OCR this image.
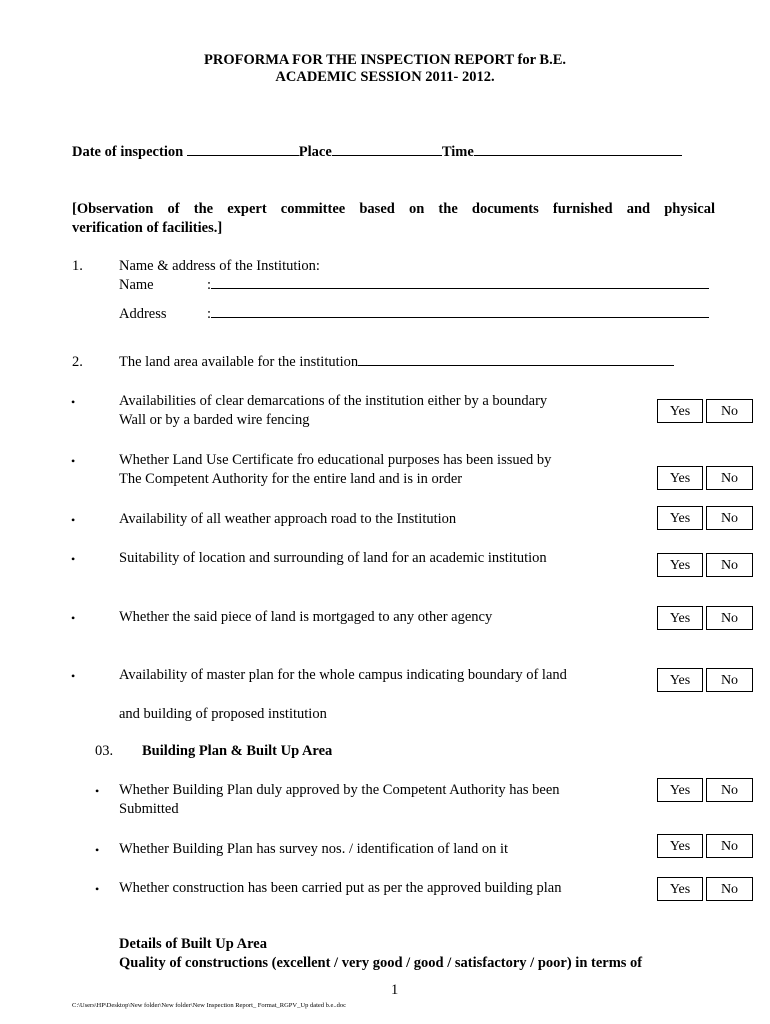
PROFORMA FOR THE INSPECTION REPORT for B.E.
ACADEMIC SESSION 2011- 2012.
Date of inspection	Place	Time
[Observation of the expert committee based on the documents furnished and physical
verification of facilities.]
1. Name & address of the Institution:
Name	:
Address	:
2. The land area available for the institution
•	Availabilities of clear demarcations of the institution either by a boundary
Wall or by a barded wire fencing
Yes	No
•	Whether Land Use Certificate fro educational purposes has been issued by
The Competent Authority for the entire land and is in order	Yes	No
•	Availability of all weather approach road to the Institution	Yes	No
•	Suitability of location and surrounding of land for an academic institution	Yes	No
•	Whether the said piece of land is mortgaged to any other agency	Yes	No
•	Availability of master plan for the whole campus indicating boundary of land
and building of proposed institution
Yes	No
03. Building Plan & Built Up Area
• Whether Building Plan duly approved by the Competent Authority has been
Submitted
Yes	No
• Whether Building Plan has survey nos. / identification of land on it	Yes	No
• Whether construction has been carried put as per the approved building plan	Yes	No
Details of Built Up Area
Quality of constructions (excellent / very good / good / satisfactory / poor) in terms of
1
C:\Users\HP\Desktop\New folder\New folder\New Inspection Report_ Format_RGPV_Up dated b.e..doc
